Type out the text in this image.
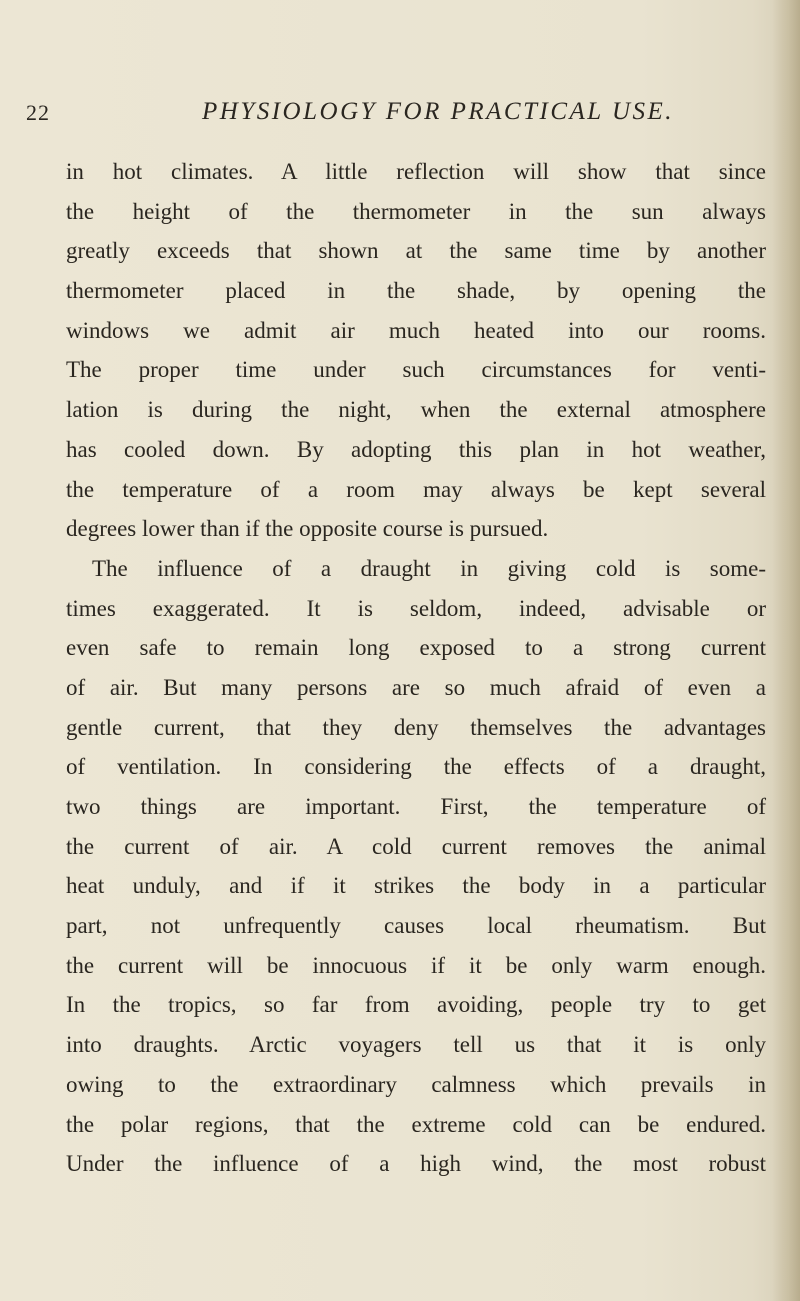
22	PHYSIOLOGY FOR PRACTICAL USE.
in hot climates. A little reflection will show that since
the height of the thermometer in the sun always
greatly exceeds that shown at the same time by another
thermometer placed in the shade, by opening the
windows we admit air much heated into our rooms.
The proper time under such circumstances for venti-
lation is during the night, when the external atmosphere
has cooled down. By adopting this plan in hot weather,
the temperature of a room may always be kept several
degrees lower than if the opposite course is pursued.
The influence of a draught in giving cold is some-
times exaggerated. It is seldom, indeed, advisable or
even safe to remain long exposed to a strong current
of air. But many persons are so much afraid of even a
gentle current, that they deny themselves the advantages
of ventilation. In considering the effects of a draught,
two things are important. First, the temperature of
the current of air. A cold current removes the animal
heat unduly, and if it strikes the body in a particular
part, not unfrequently causes local rheumatism. But
the current will be innocuous if it be only warm enough.
In the tropics, so far from avoiding, people try to get
into draughts. Arctic voyagers tell us that it is only
owing to the extraordinary calmness which prevails in
the polar regions, that the extreme cold can be endured.
Under the influence of a high wind, the most robust
